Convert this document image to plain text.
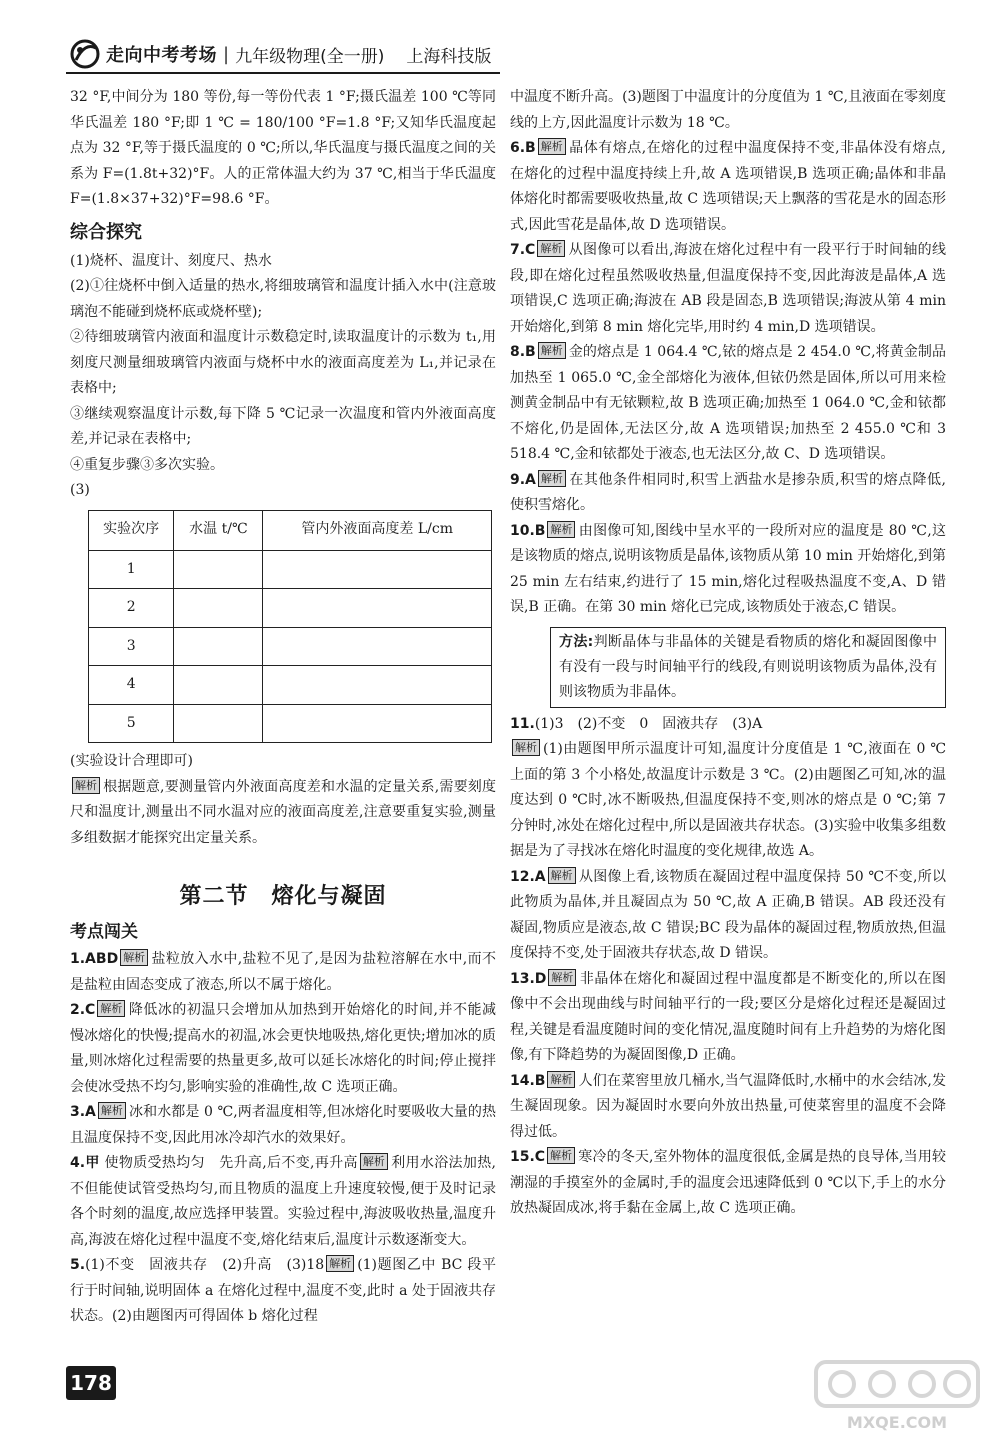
走向中考考场 | 九年级物理(全一册) 上海科技版

32 °F,中间分为 180 等份,每一等份代表 1 °F;摄氏温差 100 ℃等同华氏温差 180 °F;即 1 ℃ = 180/100 °F=1.8 °F;又知华氏温度起点为 32 °F,等于摄氏温度的 0 ℃;所以,华氏温度与摄氏温度之间的关系为 F=(1.8t+32)°F。人的正常体温大约为 37 ℃,相当于华氏温度 F=(1.8×37+32)°F=98.6 °F。

综合探究

(1)烧杯、温度计、刻度尺、热水

(2)①往烧杯中倒入适量的热水,将细玻璃管和温度计插入水中(注意玻璃泡不能碰到烧杯底或烧杯壁);

②待细玻璃管内液面和温度计示数稳定时,读取温度计的示数为 t₁,用刻度尺测量细玻璃管内液面与烧杯中水的液面高度差为 L₁,并记录在表格中;

③继续观察温度计示数,每下降 5 ℃记录一次温度和管内外液面高度差,并记录在表格中;

④重复步骤③多次实验。

(3)

实验次序	水温 t/℃	管内外液面高度差 L/cm
1		
2		
3		
4		
5		

(实验设计合理即可)

解析 根据题意,要测量管内外液面高度差和水温的定量关系,需要刻度尺和温度计,测量出不同水温对应的液面高度差,注意要重复实验,测量多组数据才能探究出定量关系。

第二节　熔化与凝固
考点闯关

1.ABD 解析 盐粒放入水中,盐粒不见了,是因为盐粒溶解在水中,而不是盐粒由固态变成了液态,所以不属于熔化。

2.C 解析 降低冰的初温只会增加从加热到开始熔化的时间,并不能减慢冰熔化的快慢;提高水的初温,冰会更快地吸热,熔化更快;增加冰的质量,则冰熔化过程需要的热量更多,故可以延长冰熔化的时间;停止搅拌会使冰受热不均匀,影响实验的准确性,故 C 选项正确。

3.A 解析 冰和水都是 0 ℃,两者温度相等,但冰熔化时要吸收大量的热且温度保持不变,因此用冰冷却汽水的效果好。

4.甲 使物质受热均匀　先升高,后不变,再升高 解析 利用水浴法加热,不但能使试管受热均匀,而且物质的温度上升速度较慢,便于及时记录各个时刻的温度,故应选择甲装置。实验过程中,海波吸收热量,温度升高,海波在熔化过程中温度不变,熔化结束后,温度计示数逐渐变大。

5.(1)不变　固液共存　(2)升高　(3)18 解析 (1)题图乙中 BC 段平行于时间轴,说明固体 a 在熔化过程中,温度不变,此时 a 处于固液共存状态。(2)由题图丙可得固体 b 熔化过程

中温度不断升高。(3)题图丁中温度计的分度值为 1 ℃,且液面在零刻度线的上方,因此温度计示数为 18 ℃。

6.B 解析 晶体有熔点,在熔化的过程中温度保持不变,非晶体没有熔点,在熔化的过程中温度持续上升,故 A 选项错误,B 选项正确;晶体和非晶体熔化时都需要吸收热量,故 C 选项错误;天上飘落的雪花是水的固态形式,因此雪花是晶体,故 D 选项错误。

7.C 解析 从图像可以看出,海波在熔化过程中有一段平行于时间轴的线段,即在熔化过程虽然吸收热量,但温度保持不变,因此海波是晶体,A 选项错误,C 选项正确;海波在 AB 段是固态,B 选项错误;海波从第 4 min 开始熔化,到第 8 min 熔化完毕,用时约 4 min,D 选项错误。

8.B 解析 金的熔点是 1 064.4 ℃,铱的熔点是 2 454.0 ℃,将黄金制品加热至 1 065.0 ℃,金全部熔化为液体,但铱仍然是固体,所以可用来检测黄金制品中有无铱颗粒,故 B 选项正确;加热至 1 064.0 ℃,金和铱都不熔化,仍是固体,无法区分,故 A 选项错误;加热至 2 455.0 ℃和 3 518.4 ℃,金和铱都处于液态,也无法区分,故 C、D 选项错误。

9.A 解析 在其他条件相同时,积雪上洒盐水是掺杂质,积雪的熔点降低,使积雪熔化。

10.B 解析 由图像可知,图线中呈水平的一段所对应的温度是 80 ℃,这是该物质的熔点,说明该物质是晶体,该物质从第 10 min 开始熔化,到第 25 min 左右结束,约进行了 15 min,熔化过程吸热温度不变,A、D 错误,B 正确。在第 30 min 熔化已完成,该物质处于液态,C 错误。

方法:判断晶体与非晶体的关键是看物质的熔化和凝固图像中有没有一段与时间轴平行的线段,有则说明该物质为晶体,没有则该物质为非晶体。

11.(1)3　(2)不变　0　固液共存　(3)A
解析 (1)由题图甲所示温度计可知,温度计分度值是 1 ℃,液面在 0 ℃上面的第 3 个小格处,故温度计示数是 3 ℃。(2)由题图乙可知,冰的温度达到 0 ℃时,冰不断吸热,但温度保持不变,则冰的熔点是 0 ℃;第 7 分钟时,冰处在熔化过程中,所以是固液共存状态。(3)实验中收集多组数据是为了寻找冰在熔化时温度的变化规律,故选 A。

12.A 解析 从图像上看,该物质在凝固过程中温度保持 50 ℃不变,所以此物质为晶体,并且凝固点为 50 ℃,故 A 正确,B 错误。AB 段还没有凝固,物质应是液态,故 C 错误;BC 段为晶体的凝固过程,物质放热,但温度保持不变,处于固液共存状态,故 D 错误。

13.D 解析 非晶体在熔化和凝固过程中温度都是不断变化的,所以在图像中不会出现曲线与时间轴平行的一段;要区分是熔化过程还是凝固过程,关键是看温度随时间的变化情况,温度随时间有上升趋势的为熔化图像,有下降趋势的为凝固图像,D 正确。

14.B 解析 人们在菜窖里放几桶水,当气温降低时,水桶中的水会结冰,发生凝固现象。因为凝固时水要向外放出热量,可使菜窖里的温度不会降得过低。

15.C 解析 寒冷的冬天,室外物体的温度很低,金属是热的良导体,当用较潮湿的手摸室外的金属时,手的温度会迅速降低到 0 ℃以下,手上的水分放热凝固成冰,将手黏在金属上,故 C 选项正确。

178
MXQE.COM
